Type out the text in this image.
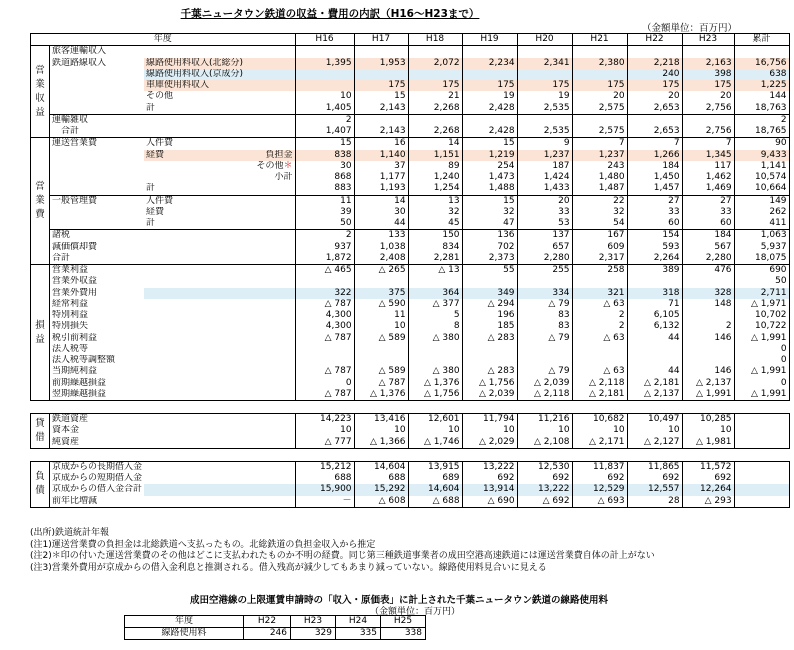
千葉ニュータウン鉄道の収益・費用の内訳（H16～H23まで）
（金額単位：百万円）
年度				H16	H17	H18	H19	H20	H21	H22	H23	累計
営業収益	旅客運輸収入											
	鉄道路線収入	線路使用料収入(北総分)		1,395	1,953	2,072	2,234	2,341	2,380	2,218	2,163	16,756
		線路使用料収入(京成分)								240	398	638
		車庫使用料収入			175	175	175	175	175	175	175	1,225
		その他		10	15	21	19	19	20	20	20	144
		計		1,405	2,143	2,268	2,428	2,535	2,575	2,653	2,756	18,763
	運輸雑収			2								2
	　合計			1,407	2,143	2,268	2,428	2,535	2,575	2,653	2,756	18,765
営業費	運送営業費	人件費		15	16	14	15	9	7	7	7	90
		経費	負担金	838	1,140	1,151	1,219	1,237	1,237	1,266	1,345	9,433
			その他＊	30	37	89	254	187	243	184	117	1,141
			小計	868	1,177	1,240	1,473	1,424	1,480	1,450	1,462	10,574
		計		883	1,193	1,254	1,488	1,433	1,487	1,457	1,469	10,664
	一般管理費	人件費		11	14	13	15	20	22	27	27	149
		経費		39	30	32	32	33	32	33	33	262
		計		50	44	45	47	53	54	60	60	411
	諸税			2	133	150	136	137	167	154	184	1,063
	減価償却費			937	1,038	834	702	657	609	593	567	5,937
	合計			1,872	2,408	2,281	2,373	2,280	2,317	2,264	2,280	18,075
損益	営業利益			△ 465	△ 265	△ 13	55	255	258	389	476	690
	営業外収益											50
	営業外費用			322	375	364	349	334	321	318	328	2,711
	経常利益			△ 787	△ 590	△ 377	△ 294	△ 79	△ 63	71	148	△ 1,971
	特別利益			4,300	11	5	196	83	2	6,105		10,702
	特別損失			4,300	10	8	185	83	2	6,132	2	10,722
	税引前利益			△ 787	△ 589	△ 380	△ 283	△ 79	△ 63	44	146	△ 1,991
	法人税等											0
	法人税等調整額											0
	当期純利益			△ 787	△ 589	△ 380	△ 283	△ 79	△ 63	44	146	△ 1,991
	前期繰越損益			0	△ 787	△ 1,376	△ 1,756	△ 2,039	△ 2,118	△ 2,181	△ 2,137	0
	翌期繰越損益			△ 787	△ 1,376	△ 1,756	△ 2,039	△ 2,118	△ 2,181	△ 2,137	△ 1,991	△ 1,991

貸借	鉄道資産			14,223	13,416	12,601	11,794	11,216	10,682	10,497	10,285	
	資本金			10	10	10	10	10	10	10	10	
	純資産			△ 777	△ 1,366	△ 1,746	△ 2,029	△ 2,108	△ 2,171	△ 2,127	△ 1,981	

負債	京成からの長期借入金			15,212	14,604	13,915	13,222	12,530	11,837	11,865	11,572	
	京成からの短期借入金			688	688	689	692	692	692	692	692	
	京成からの借入金合計			15,900	15,292	14,604	13,914	13,222	12,529	12,557	12,264	
	前年比増減			－	△ 608	△ 688	△ 690	△ 692	△ 693	28	△ 293	
(出所)鉄道統計年報
(注1)運送営業費の負担金は北総鉄道へ支払ったもの。北総鉄道の負担金収入から推定
(注2)＊印の付いた運送営業費のその他はどこに支払われたものか不明の経費。同じ第三種鉄道事業者の成田空港高速鉄道には運送営業費自体の計上がない
(注3)営業外費用が京成からの借入金利息と推測される。借入残高が減少してもあまり減っていない。線路使用料見合いに見える
成田空港線の上限運賃申請時の「収入・原価表」に計上された千葉ニュータウン鉄道の線路使用料
（金額単位：百万円）
年度	H22	H23	H24	H25
線路使用料	246	329	335	338
